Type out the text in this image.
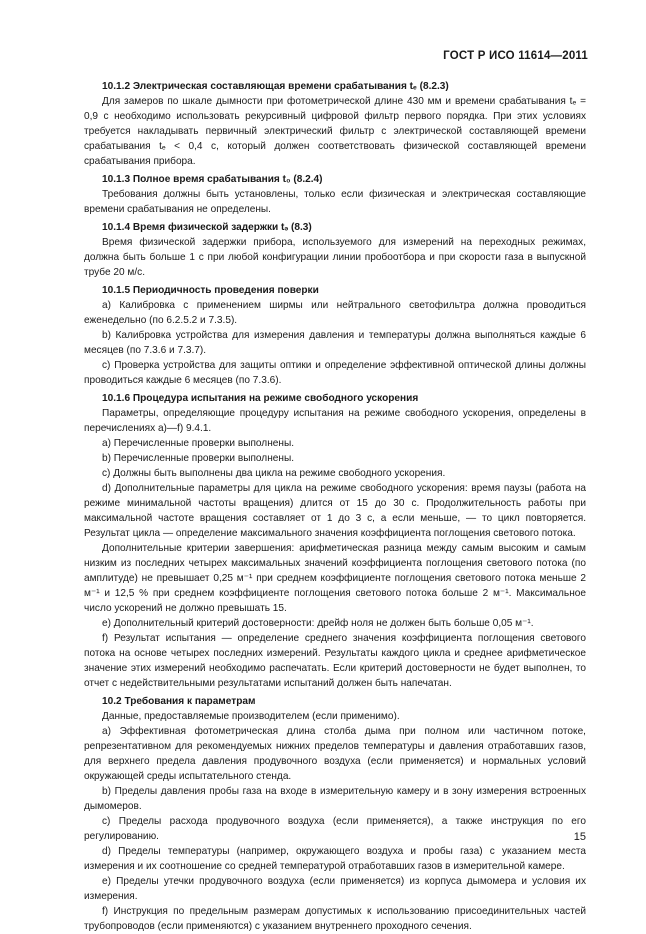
ГОСТ Р ИСО 11614—2011
10.1.2 Электрическая составляющая времени срабатывания tₑ (8.2.3)

Для замеров по шкале дымности при фотометрической длине 430 мм и времени срабатывания tₑ = 0,9 с необходимо использовать рекурсивный цифровой фильтр первого порядка. При этих условиях требуется накладывать первичный электрический фильтр с электрической составляющей времени срабатывания tₑ < 0,4 с, который должен соответствовать физической составляющей времени срабатывания прибора.

10.1.3 Полное время срабатывания t₀ (8.2.4)

Требования должны быть установлены, только если физическая и электрическая составляющие времени срабатывания не определены.

10.1.4 Время физической задержки tₔ (8.3)

Время физической задержки прибора, используемого для измерений на переходных режимах, должна быть больше 1 с при любой конфигурации линии пробоотбора и при скорости газа в выпускной трубе 20 м/с.

10.1.5 Периодичность проведения поверки

а) Калибровка с применением ширмы или нейтрального светофильтра должна проводиться еженедельно (по 6.2.5.2 и 7.3.5).

b) Калибровка устройства для измерения давления и температуры должна выполняться каждые 6 месяцев (по 7.3.6 и 7.3.7).

c) Проверка устройства для защиты оптики и определение эффективной оптической длины должны проводиться каждые 6 месяцев (по 7.3.6).

10.1.6 Процедура испытания на режиме свободного ускорения

Параметры, определяющие процедуру испытания на режиме свободного ускорения, определены в перечислениях а)—f) 9.4.1.

а) Перечисленные проверки выполнены.

b) Перечисленные проверки выполнены.

c) Должны быть выполнены два цикла на режиме свободного ускорения.

d) Дополнительные параметры для цикла на режиме свободного ускорения: время паузы (работа на режиме минимальной частоты вращения) длится от 15 до 30 с. Продолжительность работы при максимальной частоте вращения составляет от 1 до 3 с, а если меньше, — то цикл повторяется. Результат цикла — определение максимального значения коэффициента поглощения светового потока.

Дополнительные критерии завершения: арифметическая разница между самым высоким и самым низким из последних четырех максимальных значений коэффициента поглощения светового потока (по амплитуде) не превышает 0,25 м⁻¹ при среднем коэффициенте поглощения светового потока меньше 2 м⁻¹ и 12,5 % при среднем коэффициенте поглощения светового потока больше 2 м⁻¹. Максимальное число ускорений не должно превышать 15.

e) Дополнительный критерий достоверности: дрейф ноля не должен быть больше 0,05 м⁻¹.

f) Результат испытания — определение среднего значения коэффициента поглощения светового потока на основе четырех последних измерений. Результаты каждого цикла и среднее арифметическое значение этих измерений необходимо распечатать. Если критерий достоверности не будет выполнен, то отчет с недействительными результатами испытаний должен быть напечатан.

10.2 Требования к параметрам

Данные, предоставляемые производителем (если применимо).

а) Эффективная фотометрическая длина столба дыма при полном или частичном потоке, репрезентативном для рекомендуемых нижних пределов температуры и давления отработавших газов, для верхнего предела давления продувочного воздуха (если применяется) и нормальных условий окружающей среды испытательного стенда.

b) Пределы давления пробы газа на входе в измерительную камеру и в зону измерения встроенных дымомеров.

c) Пределы расхода продувочного воздуха (если применяется), а также инструкция по его регулированию.

d) Пределы температуры (например, окружающего воздуха и пробы газа) с указанием места измерения и их соотношение со средней температурой отработавших газов в измерительной камере.

e) Пределы утечки продувочного воздуха (если применяется) из корпуса дымомера и условия их измерения.

f) Инструкция по предельным размерам допустимых к использованию присоединительных частей трубопроводов (если применяются) с указанием внутреннего проходного сечения.

15
